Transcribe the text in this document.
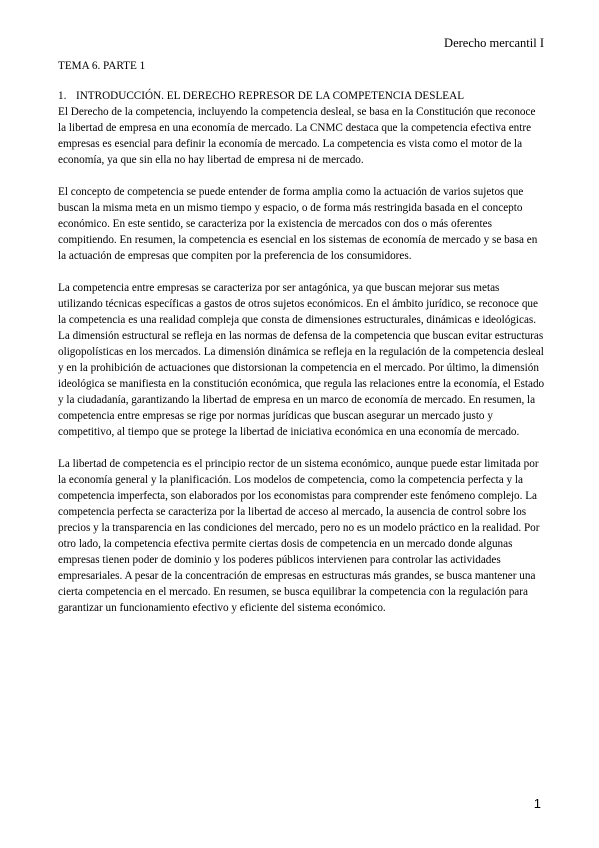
Derecho mercantil I

TEMA 6. PARTE 1

1. INTRODUCCIÓN. EL DERECHO REPRESOR DE LA COMPETENCIA DESLEAL

El Derecho de la competencia, incluyendo la competencia desleal, se basa en la Constitución que reconoce la libertad de empresa en una economía de mercado. La CNMC destaca que la competencia efectiva entre empresas es esencial para definir la economía de mercado. La competencia es vista como el motor de la economía, ya que sin ella no hay libertad de empresa ni de mercado.

El concepto de competencia se puede entender de forma amplia como la actuación de varios sujetos que buscan la misma meta en un mismo tiempo y espacio, o de forma más restringida basada en el concepto económico. En este sentido, se caracteriza por la existencia de mercados con dos o más oferentes compitiendo. En resumen, la competencia es esencial en los sistemas de economía de mercado y se basa en la actuación de empresas que compiten por la preferencia de los consumidores.

La competencia entre empresas se caracteriza por ser antagónica, ya que buscan mejorar sus metas utilizando técnicas específicas a gastos de otros sujetos económicos. En el ámbito jurídico, se reconoce que la competencia es una realidad compleja que consta de dimensiones estructurales, dinámicas e ideológicas. La dimensión estructural se refleja en las normas de defensa de la competencia que buscan evitar estructuras oligopolísticas en los mercados. La dimensión dinámica se refleja en la regulación de la competencia desleal y en la prohibición de actuaciones que distorsionan la competencia en el mercado. Por último, la dimensión ideológica se manifiesta en la constitución económica, que regula las relaciones entre la economía, el Estado y la ciudadanía, garantizando la libertad de empresa en un marco de economía de mercado. En resumen, la competencia entre empresas se rige por normas jurídicas que buscan asegurar un mercado justo y competitivo, al tiempo que se protege la libertad de iniciativa económica en una economía de mercado.

La libertad de competencia es el principio rector de un sistema económico, aunque puede estar limitada por la economía general y la planificación. Los modelos de competencia, como la competencia perfecta y la competencia imperfecta, son elaborados por los economistas para comprender este fenómeno complejo. La competencia perfecta se caracteriza por la libertad de acceso al mercado, la ausencia de control sobre los precios y la transparencia en las condiciones del mercado, pero no es un modelo práctico en la realidad. Por otro lado, la competencia efectiva permite ciertas dosis de competencia en un mercado donde algunas empresas tienen poder de dominio y los poderes públicos intervienen para controlar las actividades empresariales. A pesar de la concentración de empresas en estructuras más grandes, se busca mantener una cierta competencia en el mercado. En resumen, se busca equilibrar la competencia con la regulación para garantizar un funcionamiento efectivo y eficiente del sistema económico.

1
